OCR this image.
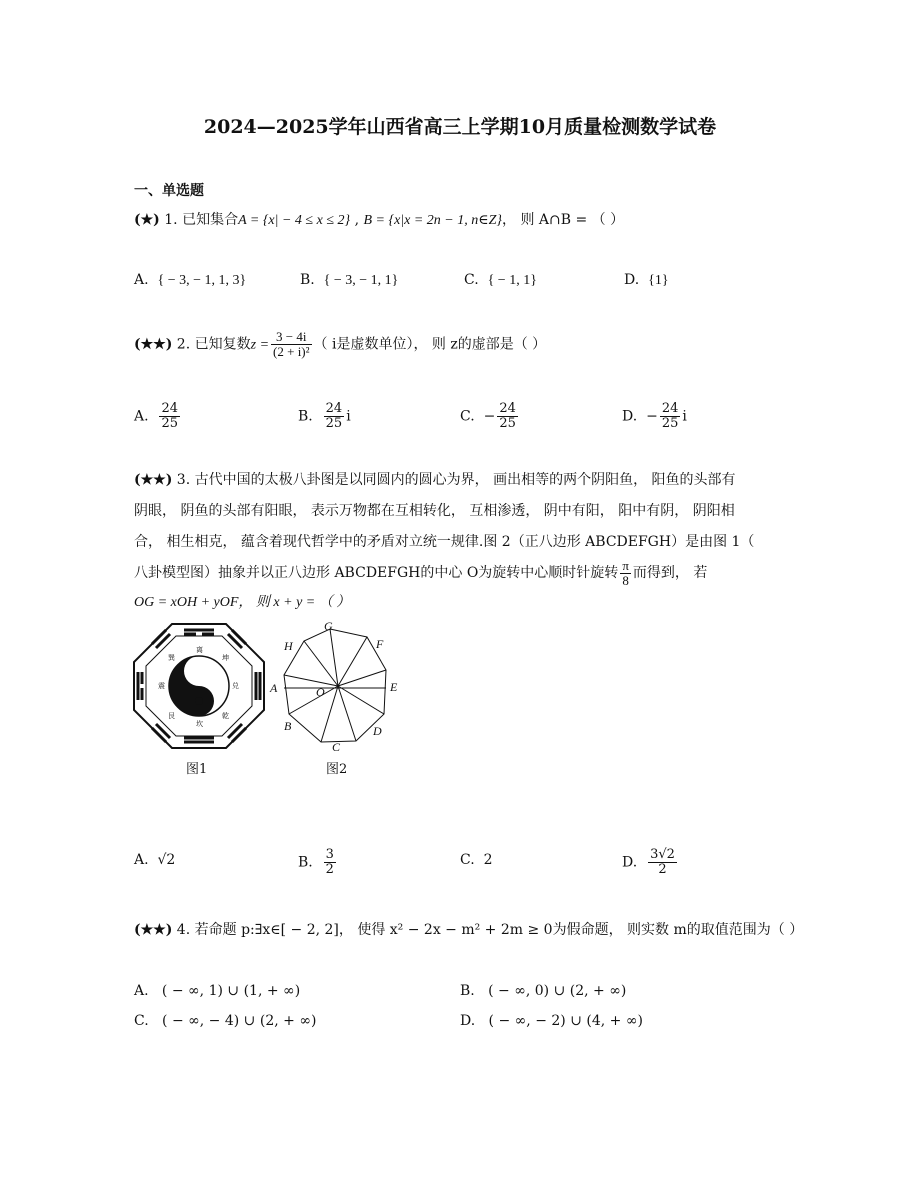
2024—2025学年山西省高三上学期10月质量检测数学试卷
一、单选题
(★) 1. 已知集合A = {x| − 4 ≤ x ≤ 2} , B = {x|x = 2n − 1, n∈Z}， 则 A∩B = （ ）
A. { − 3, − 1, 1, 3}	B. { − 3, − 1, 1}	C. { − 1, 1}	D. {1}
(★★) 2. 已知复数$z = \frac{3 - 4i}{\text{(2 + i)²}}$ （ i是虚数单位）， 则 z的虚部是（ ）
A. $\frac{24}{25}$	B. $\frac{24}{25}$ i	C. − $\frac{24}{25}$	D. − $\frac{24}{25}$ i
(★★) 3. 古代中国的太极八卦图是以同圆内的圆心为界， 画出相等的两个阴阳鱼， 阳鱼的头部有
阴眼， 阴鱼的头部有阳眼， 表示万物都在互相转化， 互相渗透， 阴中有阳， 阳中有阴， 阴阳相
合， 相生相克， 蕴含着现代哲学中的矛盾对立统一规律.图 2（正八边形 ABCDEFGH）是由图 1（
八卦模型图）抽象并以正八边形 ABCDEFGH的中心 O为旋转中心顺时针旋转 $\frac{\pi}{8}$ 而得到， 若
OG = xOH + yOF， 则 x + y = （ ）
离
坤
兑
乾
坎
艮
震
巽
图1
G
F
E
D
C
B
A
H
O
图2
A. √2	B. $\frac{3}{2}$	C. 2	D. $\frac{3√2}{2}$
(★★) 4. 若命题 p:∃x∈[ − 2, 2]， 使得 x² − 2x − m² + 2m ≥ 0为假命题， 则实数 m的取值范围为（ ）
A. ( − ∞, 1) ∪ (1, + ∞)	B. ( − ∞, 0) ∪ (2, + ∞)
C. ( − ∞, − 4) ∪ (2, + ∞)	D. ( − ∞, − 2) ∪ (4, + ∞)
